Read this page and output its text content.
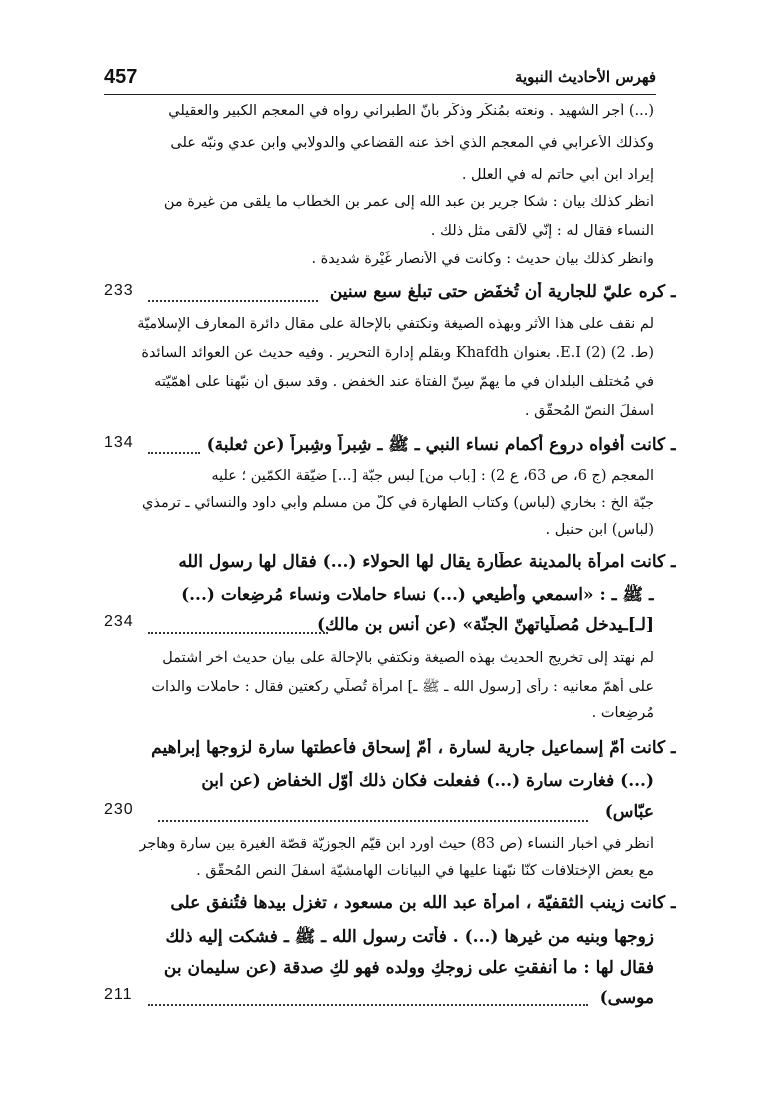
457	فهرس الأحاديث النبوية
(...) أجر الشهيد . ونعته بمُنكَر وذكَر بأنّ الطبراني رواه في المعجم الكبير والعقيلي
وكذلك الأعرابي في المعجم الذي أخذ عنه القضاعي والدولابي وابن عدي ونبّه على
إيراد ابن أبي حاتم له في العلل .
أنظر كذلك بيان : شكا جرير بن عبد الله إلى عمر بن الخطّاب ما يلقى من غيرة من
النساء فقال له : إنّي لألقى مثل ذلك .
وانظر كذلك بيان حديث : وكانت في الأنصار غَيْرة شديدة .
ـ كره عليّ للجارية أن تُخفَض حتى تبلغ سبع سنين
233
لم نقف على هذا الأثر وبهذه الصيغة ونكتفي بالإحالة على مقال دائرة المعارف الإسلاميّة
(ط. 2) (2) E.I. بعنوان Khafdh وبقلم إدارة التحرير . وفيه حديث عن العوائد السائدة
في مُختلَف البلدان في ما يهمّ سِنّ الفتاة عند الخفض . وقد سبق أن نبّهنا على أهمّيّته
أسفلَ النصّ المُحقّق .
ـ كانت أفواه دروع أكمام نساء النبي ـ ﷺ ـ شِبراً وشِبراً (عن ثعلبة)
134
المعجم (ج 6، ص 63، ع 2) : [باب من] لبس جبّة [...] ضيّقة الكمّين ؛ عليه
جبّة الخ : بخاري (لباس) وكتاب الطهارة في كلّ من مسلم وأبي داود والنسائي ـ ترمذي
(لباس) ابن حنبل .
ـ كانت امرأة بالمدينة عطّارة يقال لها الحولاء (...) فقال لها رسول الله
ـ ﷺ ـ : «اسمعي وأطيعي (...) نساء حاملات ونساء مُرضِعات (...)
[لـ]ـيدخل مُصلّياتهنّ الجنّة» (عن أنس بن مالك)
234
لم نهتد إلى تخريج الحديث بهذه الصيغة ونكتفي بالإحالة على بيان حديث آخر اشتمل
على أهمّ معانيه : رأى [رسول الله ـ ﷺ ـ] امرأة تُصلّي ركعتين فقال : حاملات والدات
مُرضِعات .
ـ كانت أمّ إسماعيل جارية لسارة ، أمّ إسحاق فأعطتها سارة لزوجها إبراهيم
(...) فغارت سارة (...) ففعلت فكان ذلك أوّل الخفاض (عن ابن
عبّاس)
230
أنظر في أخبار النساء (ص 83) حيث أورد ابن قيّم الجوزيّة قصّة الغيرة بين سارة وهاجر
مع بعض الإختلافات كنّا نبّهنا عليها في البيانات الهامشيّة أسفلَ النص المُحقّق .
ـ كانت زينب الثقفيّة ، امرأة عبد الله بن مسعود ، تغزل بيدها فتُنفق على
زوجها وبنيه من غيرها (...) . فأتت رسول الله ـ ﷺ ـ فشكت إليه ذلك
فقال لها : ما أنفقتِ على زوجكِ وولده فهو لكِ صدقة (عن سليمان بن
موسى)
211
